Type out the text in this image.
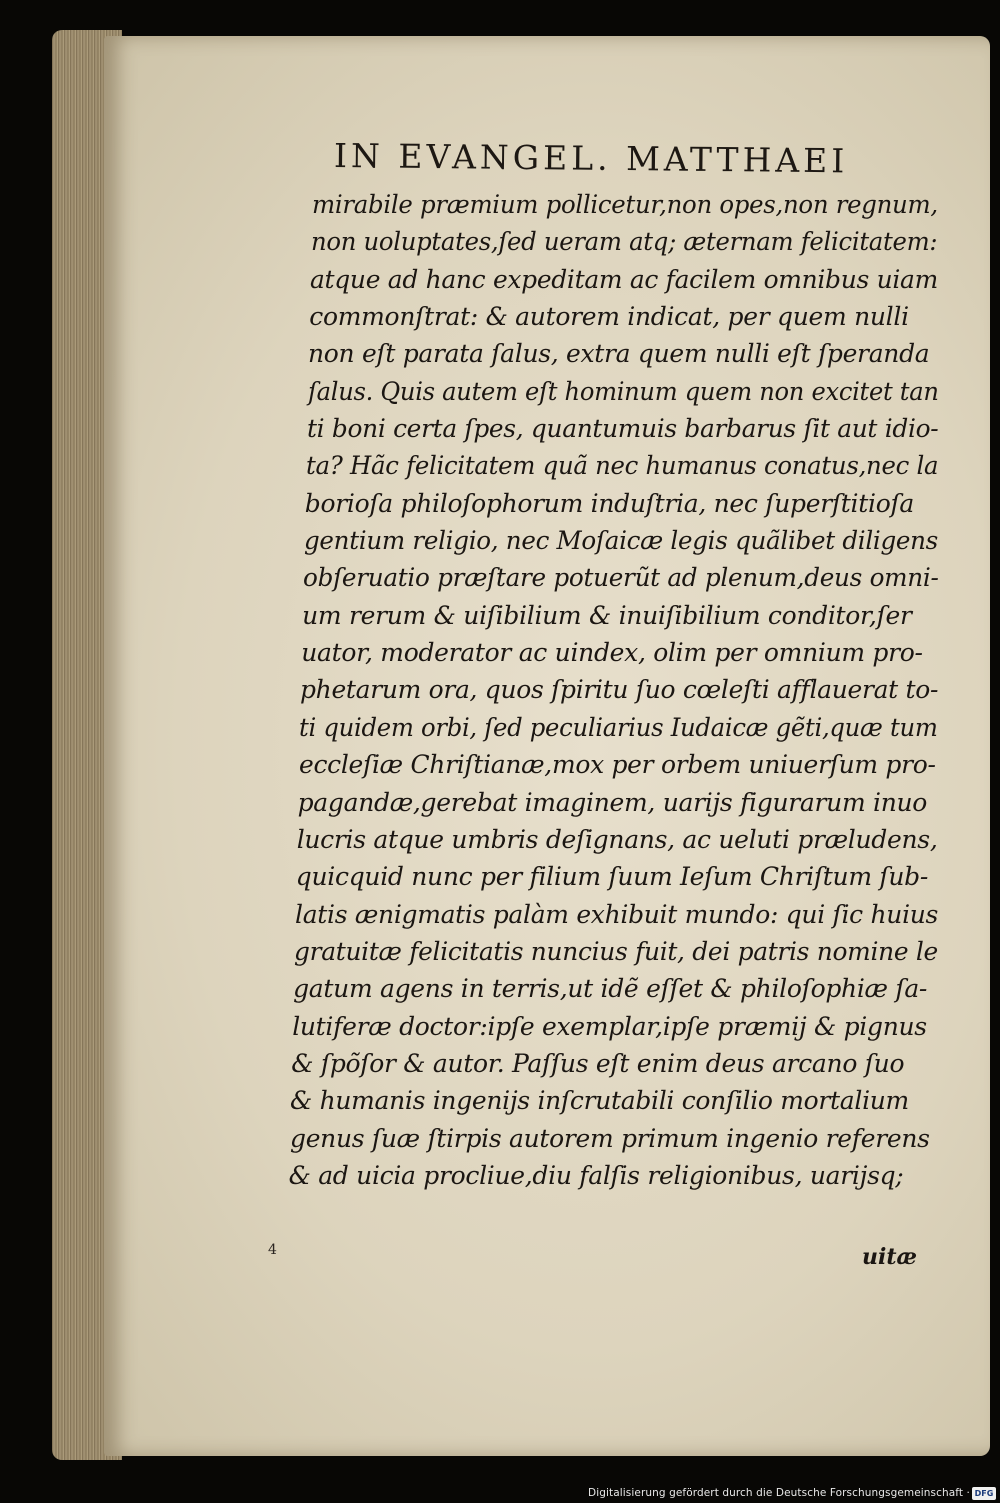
IN EVANGEL. MATTHAEI
mirabile præmium pollicetur,non opes,non regnum,
non uoluptates,ſed ueram atq; æternam felicitatem:
atque ad hanc expeditam ac facilem omnibus uiam
commonſtrat: & autorem indicat, per quem nulli
non eſt parata ſalus, extra quem nulli eſt ſperanda
ſalus. Quis autem eſt hominum quem non excitet tan
ti boni certa ſpes, quantumuis barbarus ſit aut idio-
ta? Hãc felicitatem quã nec humanus conatus,nec la
borioſa philoſophorum induſtria, nec ſuperſtitioſa
gentium religio, nec Moſaicæ legis quãlibet diligens
obſeruatio præſtare potuerũt ad plenum,deus omni-
um rerum & uiſibilium & inuiſibilium conditor,ſer
uator, moderator ac uindex, olim per omnium pro-
phetarum ora, quos ſpiritu ſuo cœleſti afflauerat to-
ti quidem orbi, ſed peculiarius Iudaicæ gẽti,quæ tum
eccleſiæ Chriſtianæ,mox per orbem uniuerſum pro-
pagandæ,gerebat imaginem, uarijs figurarum inuo
lucris atque umbris deſignans, ac ueluti præludens,
quicquid nunc per filium ſuum Ieſum Chriſtum ſub-
latis ænigmatis palàm exhibuit mundo: qui ſic huius
gratuitæ felicitatis nuncius fuit, dei patris nomine le
gatum agens in terris,ut idẽ eſſet & philoſophiæ ſa-
lutiferæ doctor:ipſe exemplar,ipſe præmij & pignus
& ſpõſor & autor. Paſſus eſt enim deus arcano ſuo
& humanis ingenijs inſcrutabili conſilio mortalium
genus ſuæ ſtirpis autorem primum ingenio referens
& ad uicia procliue,diu falſis religionibus, uarijsq;
4	uitæ
Digitalisierung gefördert durch die Deutsche Forschungsgemeinschaft · DFG
